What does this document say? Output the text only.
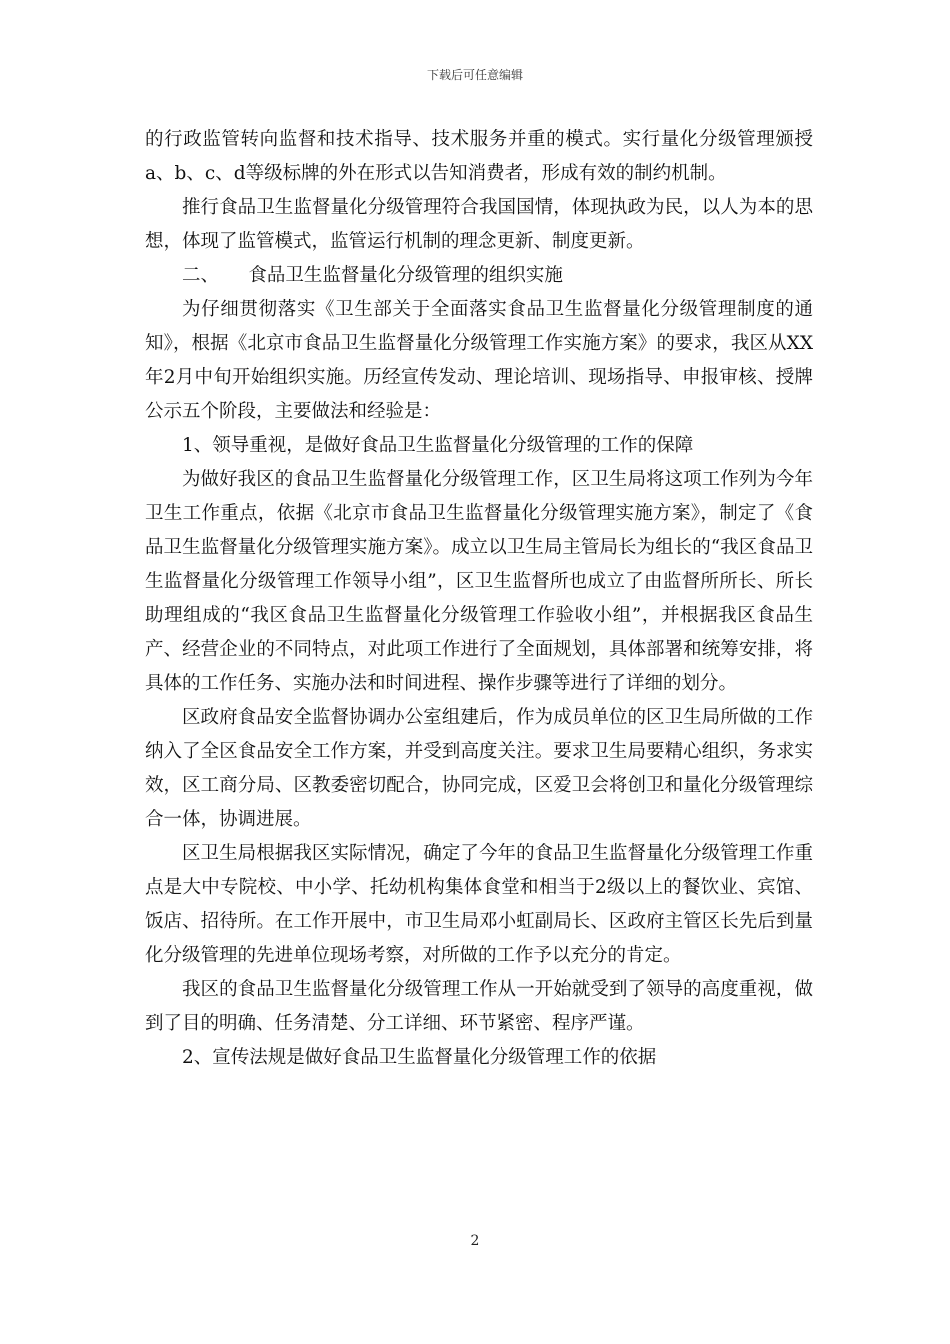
下载后可任意编辑

的行政监管转向监督和技术指导、技术服务并重的模式。实行量化分级管理颁授a、b、c、d等级标牌的外在形式以告知消费者，形成有效的制约机制。

推行食品卫生监督量化分级管理符合我国国情，体现执政为民，以人为本的思想，体现了监管模式，监管运行机制的理念更新、制度更新。

二、     食品卫生监督量化分级管理的组织实施

为仔细贯彻落实《卫生部关于全面落实食品卫生监督量化分级管理制度的通知》，根据《北京市食品卫生监督量化分级管理工作实施方案》的要求，我区从XX年2月中旬开始组织实施。历经宣传发动、理论培训、现场指导、申报审核、授牌公示五个阶段，主要做法和经验是：

1、领导重视，是做好食品卫生监督量化分级管理的工作的保障

为做好我区的食品卫生监督量化分级管理工作，区卫生局将这项工作列为今年卫生工作重点，依据《北京市食品卫生监督量化分级管理实施方案》，制定了《食品卫生监督量化分级管理实施方案》。成立以卫生局主管局长为组长的“我区食品卫生监督量化分级管理工作领导小组”，区卫生监督所也成立了由监督所所长、所长助理组成的“我区食品卫生监督量化分级管理工作验收小组”，并根据我区食品生产、经营企业的不同特点，对此项工作进行了全面规划，具体部署和统筹安排，将具体的工作任务、实施办法和时间进程、操作步骤等进行了详细的划分。

区政府食品安全监督协调办公室组建后，作为成员单位的区卫生局所做的工作纳入了全区食品安全工作方案，并受到高度关注。要求卫生局要精心组织，务求实效，区工商分局、区教委密切配合，协同完成，区爱卫会将创卫和量化分级管理综合一体，协调进展。

区卫生局根据我区实际情况，确定了今年的食品卫生监督量化分级管理工作重点是大中专院校、中小学、托幼机构集体食堂和相当于2级以上的餐饮业、宾馆、饭店、招待所。在工作开展中，市卫生局邓小虹副局长、区政府主管区长先后到量化分级管理的先进单位现场考察，对所做的工作予以充分的肯定。

我区的食品卫生监督量化分级管理工作从一开始就受到了领导的高度重视，做到了目的明确、任务清楚、分工详细、环节紧密、程序严谨。

2、宣传法规是做好食品卫生监督量化分级管理工作的依据

2
